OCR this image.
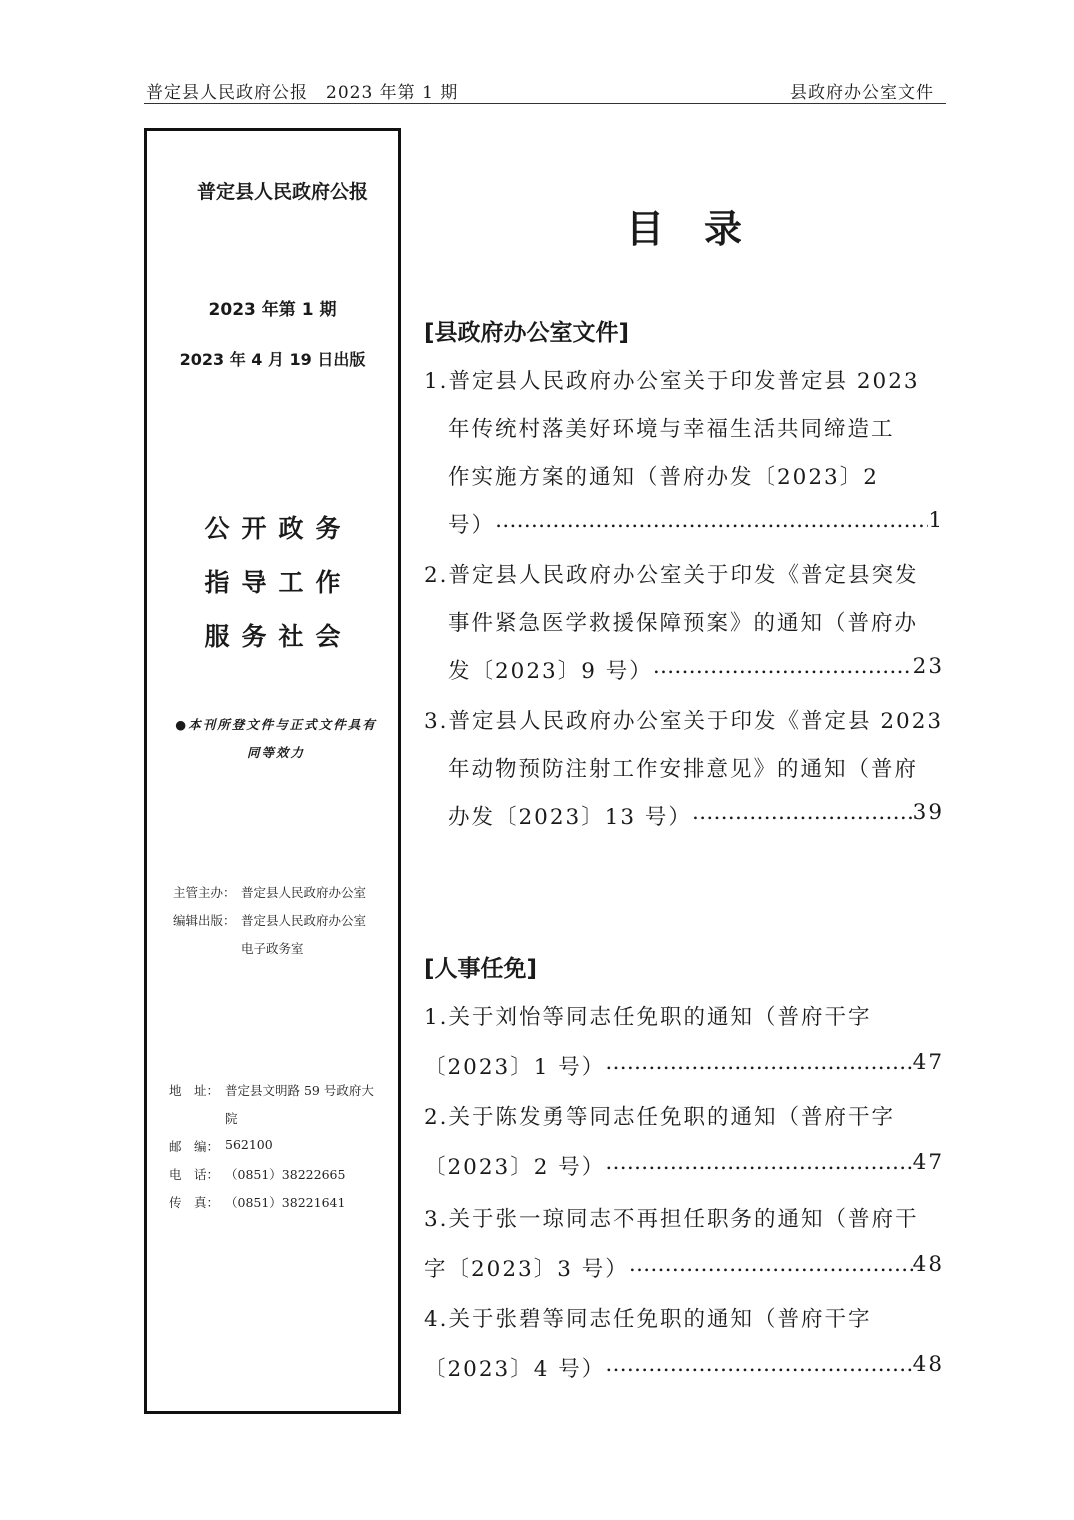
普定县人民政府公报　2023 年第 1 期	县政府办公室文件
普定县人民政府公报
2023 年第 1 期
2023 年 4 月 19 日出版
公开政务
指导工作
服务社会
●本刊所登文件与正式文件具有同等效力
主管主办： 普定县人民政府办公室
编辑出版： 普定县人民政府办公室
电子政务室
地　址： 普定县文明路 59 号政府大
院
邮　编： 562100
电　话： （0851）38222665
传　真： （0851）38221641
目录
[县政府办公室文件]
1.普定县人民政府办公室关于印发普定县 2023
年传统村落美好环境与幸福生活共同缔造工
作实施方案的通知（普府办发〔2023〕2
号） …………………………………………………………………………………………………………	1
2.普定县人民政府办公室关于印发《普定县突发
事件紧急医学救援保障预案》的通知（普府办
发〔2023〕9 号） …………………………………………………………………………………………………………	23
3.普定县人民政府办公室关于印发《普定县 2023
年动物预防注射工作安排意见》的通知（普府
办发〔2023〕13 号） …………………………………………………………………………………………………………	39
[人事任免]
1.关于刘怡等同志任免职的通知（普府干字
〔2023〕1 号） …………………………………………………………………………………………………………	47
2.关于陈发勇等同志任免职的通知（普府干字
〔2023〕2 号） …………………………………………………………………………………………………………	47
3.关于张一琼同志不再担任职务的通知（普府干
字〔2023〕3 号） …………………………………………………………………………………………………………	48
4.关于张碧等同志任免职的通知（普府干字
〔2023〕4 号） …………………………………………………………………………………………………………	48
